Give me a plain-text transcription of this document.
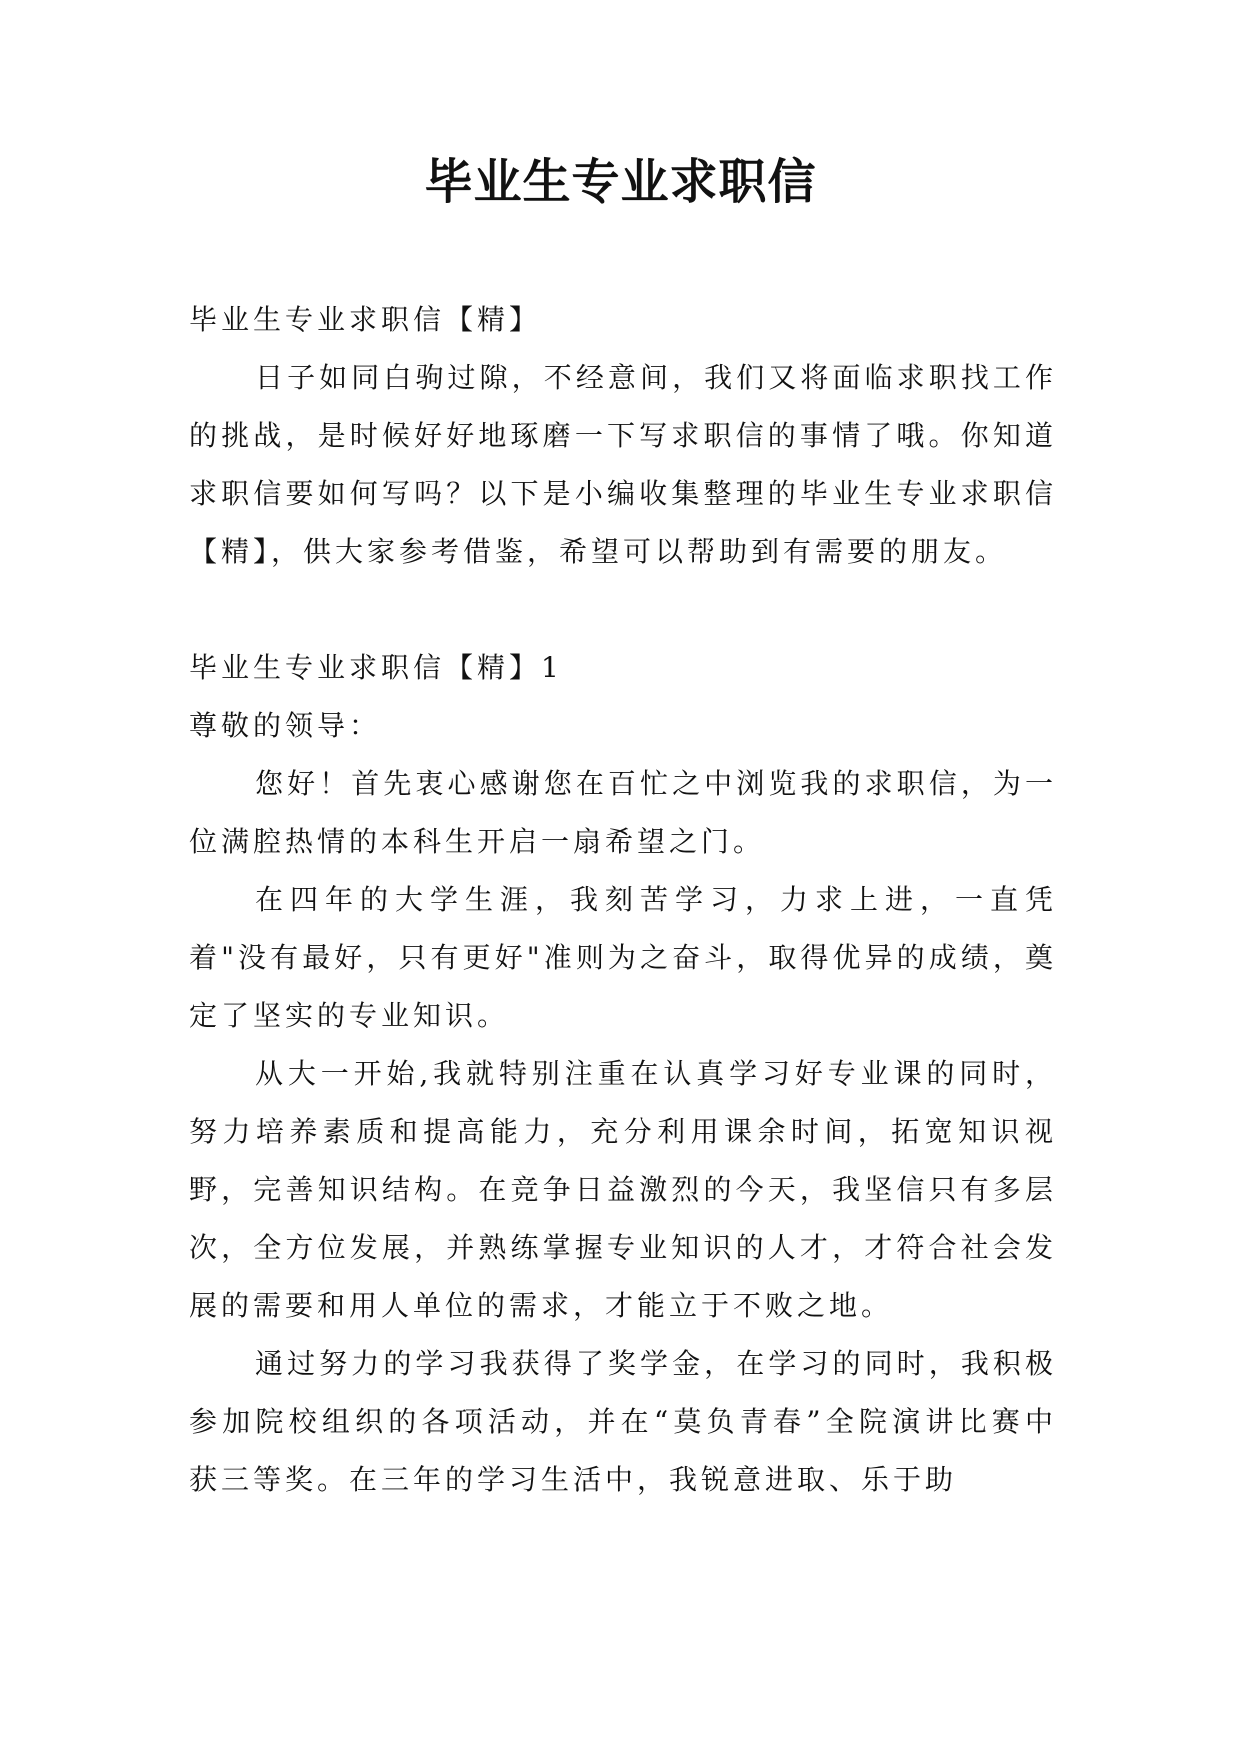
毕业生专业求职信

毕业生专业求职信【精】

日子如同白驹过隙，不经意间，我们又将面临求职找工作的挑战，是时候好好地琢磨一下写求职信的事情了哦。你知道求职信要如何写吗？以下是小编收集整理的毕业生专业求职信【精】，供大家参考借鉴，希望可以帮助到有需要的朋友。

毕业生专业求职信【精】1

尊敬的领导：

您好！首先衷心感谢您在百忙之中浏览我的求职信，为一位满腔热情的本科生开启一扇希望之门。

在四年的大学生涯，我刻苦学习，力求上进，一直凭着"没有最好，只有更好"准则为之奋斗，取得优异的成绩，奠定了坚实的专业知识。

从大一开始,我就特别注重在认真学习好专业课的同时，努力培养素质和提高能力，充分利用课余时间，拓宽知识视野，完善知识结构。在竞争日益激烈的今天，我坚信只有多层次，全方位发展，并熟练掌握专业知识的人才，才符合社会发展的需要和用人单位的需求，才能立于不败之地。

通过努力的学习我获得了奖学金，在学习的同时，我积极参加院校组织的各项活动，并在“莫负青春”全院演讲比赛中获三等奖。在三年的学习生活中，我锐意进取、乐于助
